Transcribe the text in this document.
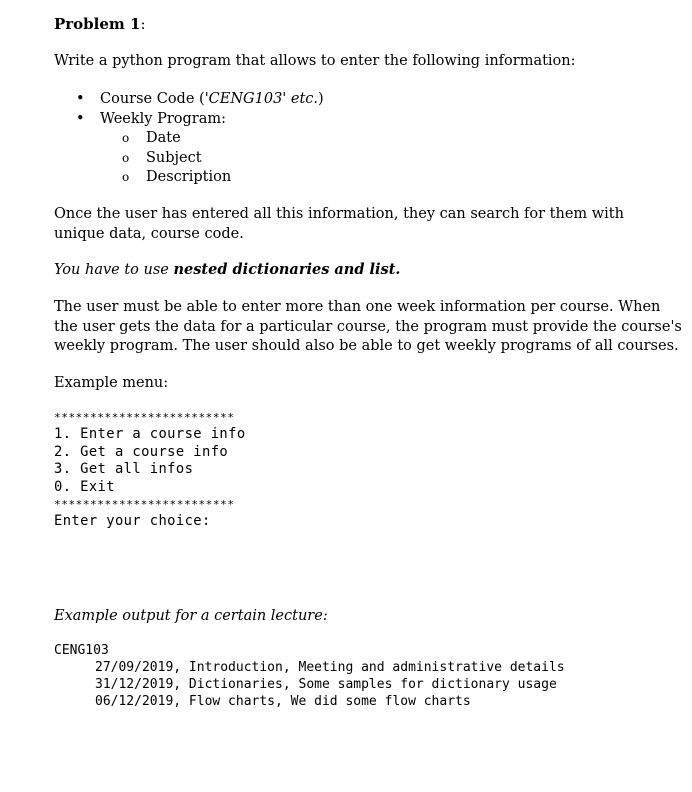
Problem 1:

Write a python program that allows to enter the following information:

• Course Code ('CENG103' etc.)
• Weekly Program:
o Date
o Subject
o Description
Once the user has entered all this information, they can search for them with
unique data, course code.

You have to use nested dictionaries and list.

The user must be able to enter more than one week information per course. When
the user gets the data for a particular course, the program must provide the course's
weekly program. The user should also be able to get weekly programs of all courses.

Example menu:

*************************
1. Enter a course info
2. Get a course info
3. Get all infos
0. Exit
*************************
Enter your choice:

Example output for a certain lecture:

CENG103
27/09/2019, Introduction, Meeting and administrative details
31/12/2019, Dictionaries, Some samples for dictionary usage
06/12/2019, Flow charts, We did some flow charts
